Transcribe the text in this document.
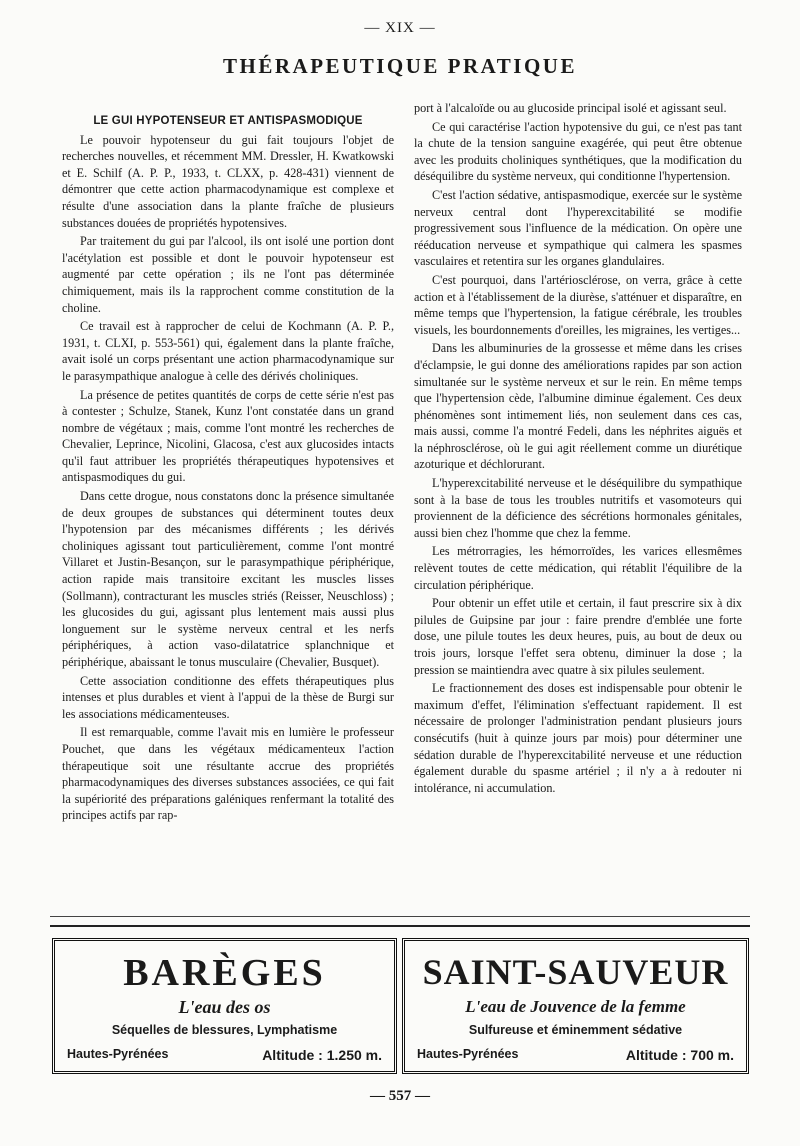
— XIX —
THÉRAPEUTIQUE PRATIQUE

LE GUI HYPOTENSEUR ET ANTISPASMODIQUE

Le pouvoir hypotenseur du gui fait toujours l'objet de recherches nouvelles, et récemment MM. Dressler, H. Kwatkowski et E. Schilf (A. P. P., 1933, t. CLXX, p. 428-431) viennent de démontrer que cette action pharmacodynamique est complexe et résulte d'une association dans la plante fraîche de plusieurs substances douées de propriétés hypotensives.

Par traitement du gui par l'alcool, ils ont isolé une portion dont l'acétylation est possible et dont le pouvoir hypotenseur est augmenté par cette opération ; ils ne l'ont pas déterminée chimiquement, mais ils la rapprochent comme constitution de la choline.

Ce travail est à rapprocher de celui de Kochmann (A. P. P., 1931, t. CLXI, p. 553-561) qui, également dans la plante fraîche, avait isolé un corps présentant une action pharmacodynamique sur le parasympathique analogue à celle des dérivés choliniques.

La présence de petites quantités de corps de cette série n'est pas à contester ; Schulze, Stanek, Kunz l'ont constatée dans un grand nombre de végétaux ; mais, comme l'ont montré les recherches de Chevalier, Leprince, Nicolini, Glacosa, c'est aux glucosides intacts qu'il faut attribuer les propriétés thérapeutiques hypotensives et antispasmodiques du gui.

Dans cette drogue, nous constatons donc la présence simultanée de deux groupes de substances qui déterminent toutes deux l'hypotension par des mécanismes différents ; les dérivés choliniques agissant tout particulièrement, comme l'ont montré Villaret et Justin-Besançon, sur le parasympathique périphérique, action rapide mais transitoire excitant les muscles lisses (Sollmann), contracturant les muscles striés (Reisser, Neuschloss) ; les glucosides du gui, agissant plus lentement mais aussi plus longuement sur le système nerveux central et les nerfs périphériques, à action vaso-dilatatrice splanchnique et périphérique, abaissant le tonus musculaire (Chevalier, Busquet).

Cette association conditionne des effets thérapeutiques plus intenses et plus durables et vient à l'appui de la thèse de Burgi sur les associations médicamenteuses.

Il est remarquable, comme l'avait mis en lumière le professeur Pouchet, que dans les végétaux médicamenteux l'action thérapeutique soit une résultante accrue des propriétés pharmacodynamiques des diverses substances associées, ce qui fait la supériorité des préparations galéniques renfermant la totalité des principes actifs par rap-

port à l'alcaloïde ou au glucoside principal isolé et agissant seul.

Ce qui caractérise l'action hypotensive du gui, ce n'est pas tant la chute de la tension sanguine exagérée, qui peut être obtenue avec les produits choliniques synthétiques, que la modification du déséquilibre du système nerveux, qui conditionne l'hypertension.

C'est l'action sédative, antispasmodique, exercée sur le système nerveux central dont l'hyperexcitabilité se modifie progressivement sous l'influence de la médication. On opère une rééducation nerveuse et sympathique qui calmera les spasmes vasculaires et retentira sur les organes glandulaires.

C'est pourquoi, dans l'artériosclérose, on verra, grâce à cette action et à l'établissement de la diurèse, s'atténuer et disparaître, en même temps que l'hypertension, la fatigue cérébrale, les troubles visuels, les bourdonnements d'oreilles, les migraines, les vertiges...

Dans les albuminuries de la grossesse et même dans les crises d'éclampsie, le gui donne des améliorations rapides par son action simultanée sur le système nerveux et sur le rein. En même temps que l'hypertension cède, l'albumine diminue également. Ces deux phénomènes sont intimement liés, non seulement dans ces cas, mais aussi, comme l'a montré Fedeli, dans les néphrites aiguës et la néphrosclérose, où le gui agit réellement comme un diurétique azoturique et déchlorurant.

L'hyperexcitabilité nerveuse et le déséquilibre du sympathique sont à la base de tous les troubles nutritifs et vasomoteurs qui proviennent de la déficience des sécrétions hormonales génitales, aussi bien chez l'homme que chez la femme.

Les métrorragies, les hémorroïdes, les varices ellesmêmes relèvent toutes de cette médication, qui rétablit l'équilibre de la circulation périphérique.

Pour obtenir un effet utile et certain, il faut prescrire six à dix pilules de Guipsine par jour : faire prendre d'emblée une forte dose, une pilule toutes les deux heures, puis, au bout de deux ou trois jours, lorsque l'effet sera obtenu, diminuer la dose ; la pression se maintiendra avec quatre à six pilules seulement.

Le fractionnement des doses est indispensable pour obtenir le maximum d'effet, l'élimination s'effectuant rapidement. Il est nécessaire de prolonger l'administration pendant plusieurs jours consécutifs (huit à quinze jours par mois) pour déterminer une sédation durable de l'hyperexcitabilité nerveuse et une réduction également durable du spasme artériel ; il n'y a à redouter ni intolérance, ni accumulation.

BARÈGES
L'eau des os
Séquelles de blessures, Lymphatisme
Hautes-Pyrénées	Altitude : 1.250 m.
SAINT-SAUVEUR
L'eau de Jouvence de la femme
Sulfureuse et éminemment sédative
Hautes-Pyrénées	Altitude : 700 m.
— 557 —
